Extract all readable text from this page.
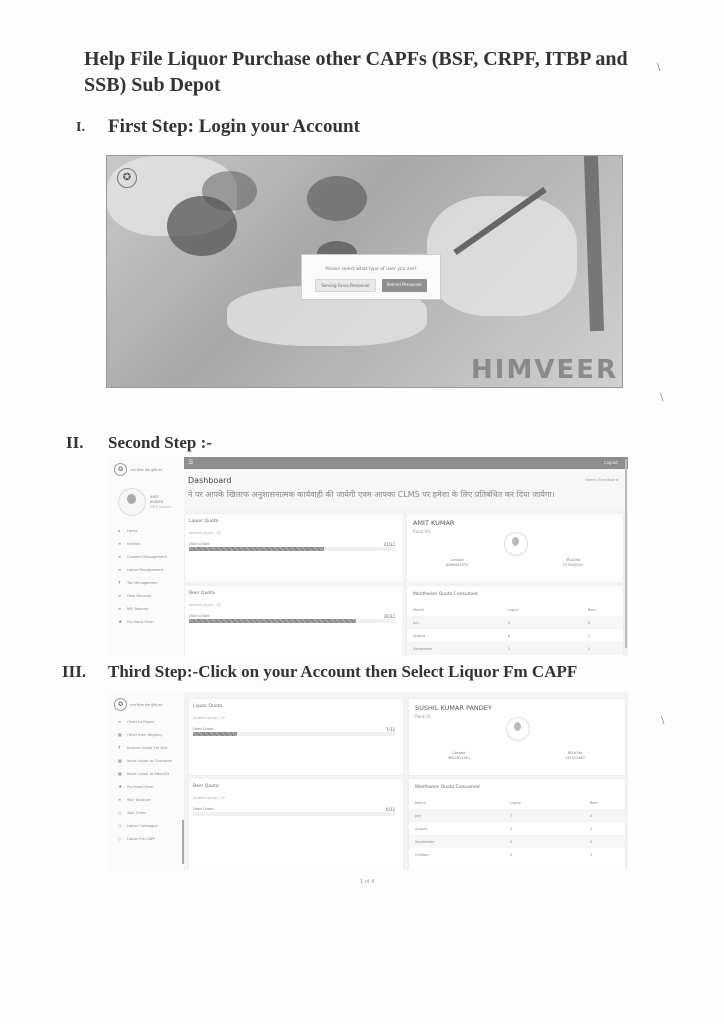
Help File Liquor Purchase other CAPFs (BSF, CRPF, ITBP and SSB) Sub Depot
I.	First Step: Login your Account
✪
HIMVEER
Please select what type of user you are?
Serving Force Personnel	Retired Personnel
II.	Second Step :-
✪	भारत तिब्बत सीमा पुलिस बल
AMIT
KUMAR
ITBP Assam
⌂	Home
≡	Indents
≡	Canteen Management
≡	Liquor Management
₹	Tax Management
≡	Help Manuals
≡	MIS Reports
☚	Purchase Form
☰	Logout
Dashboard	Home / Dashboard
ने पर आपके खिलाफ अनुशासनात्मक कार्यवाही की जायेगी एवम आपका CLMS पर हमेशा के लिए प्रतिबंधित कर दिया जायेगा।
Liquor Quota
Alloted Quota : 32
Used Quota	21/32
Beer Quota
Alloted Quota : 32
Used Quota	26/32
AMIT KUMAR
Rank:ASI
Contact
8066423574
IRLA No
077010025
Monthwise Quota Consumed
Month	Liquor	Beer
July	5	0
August	8	3
September	5	0
III.	Third Step:-Click on your Account then Select Liquor Fm CAPF
✪	भारत तिब्बत सीमा पुलिस बल
≡	Order to Depot
▦	Other Item Registry
₹	Income Liquor Fm Dist
▦	Issue Liquor to Customer
▦	Issue Liquor to Mess/Dt
☚	Purchase Form
≡	Your Account
○	Your Order
○	Liquor Catalogue
○	Liquor Fm CAPF
Liquor Quota
Alloted Quota : 32
Used Quota	7/32
Beer Quota
Alloted Quota : 32
Used Quota	0/32
SUSHIL KUMAR PANDEY
Rank:SI
Contact
9827811011
IRLA No
147012467
Monthwise Quota Consumed
Month	Liquor	Beer
July	7	0
August	0	1
September	0	0
October	0	1
1 of 4
\
\
\
